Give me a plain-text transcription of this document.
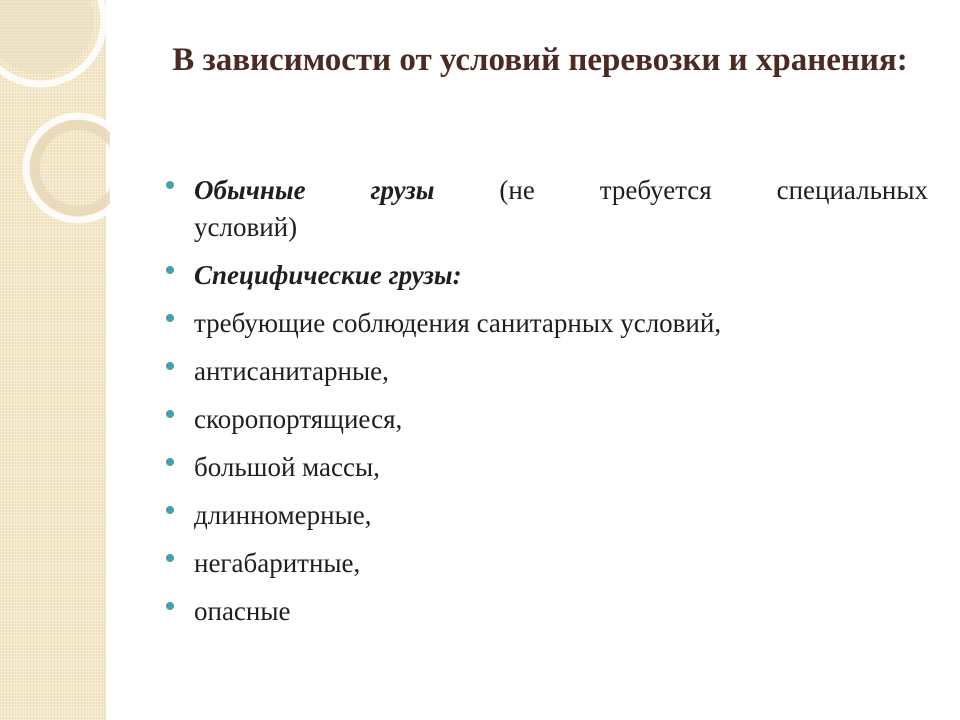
В зависимости от условий перевозки и хранения:
Обычные грузы (не требуется специальных
условий)
Специфические грузы:
требующие соблюдения санитарных условий,
антисанитарные,
скоропортящиеся,
большой массы,
длинномерные,
негабаритные,
опасные
